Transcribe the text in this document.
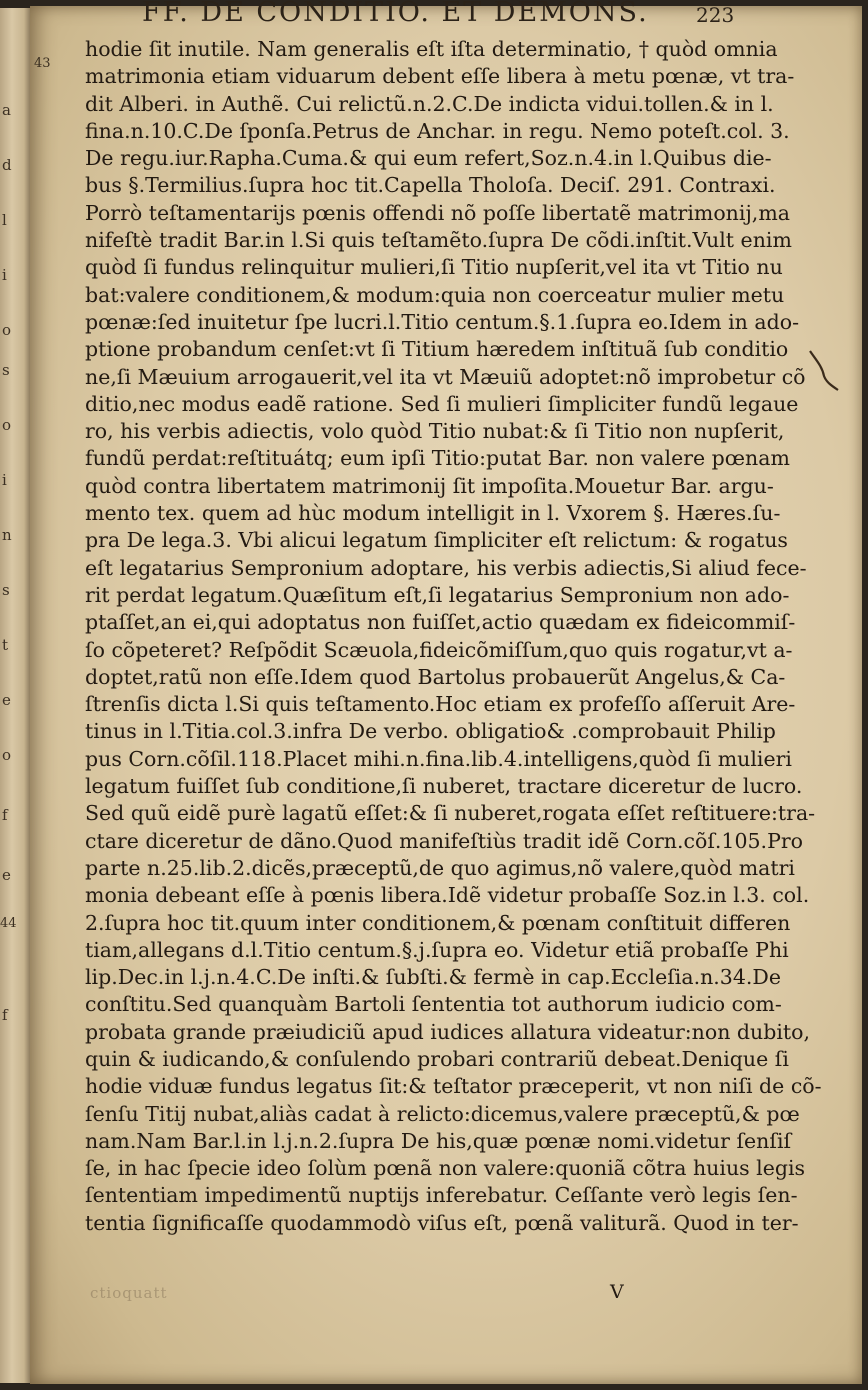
a
d
l
i
o
s
o
i
n
s
t
e
o
f
e
f
FF. DE CONDITIO. ET DEMONS. 223
43
44
hodie ſit inutile. Nam generalis eſt iſta determinatio, † quòd omnia
matrimonia etiam viduarum debent eſſe libera à metu pœnæ, vt tra-
dit Alberi. in Authẽ. Cui relictũ.n.2.C.De indicta vidui.tollen.& in l.
fina.n.10.C.De ſponſa.Petrus de Anchar. in regu. Nemo poteſt.col. 3.
De regu.iur.Rapha.Cuma.& qui eum refert,Soz.n.4.in l.Quibus die-
bus §.Termilius.ſupra hoc tit.Capella Tholoſa. Deciſ. 291. Contraxi.
Porrò teſtamentarijs pœnis offendi nõ poſſe libertatẽ matrimonij,ma
nifeſtè tradit Bar.in l.Si quis teſtamẽto.ſupra De cõdi.inſtit.Vult enim
quòd ſi fundus relinquitur mulieri,ſi Titio nupſerit,vel ita vt Titio nu
bat:valere conditionem,& modum:quia non coerceatur mulier metu
pœnæ:ſed inuitetur ſpe lucri.l.Titio centum.§.1.ſupra eo.Idem in ado-
ptione probandum cenſet:vt ſi Titium hæredem inſtituã ſub conditio
ne,ſi Mæuium arrogauerit,vel ita vt Mæuiũ adoptet:nõ improbetur cõ
ditio,nec modus eadẽ ratione. Sed ſi mulieri ſimpliciter fundũ legaue
ro, his verbis adiectis, volo quòd Titio nubat:& ſi Titio non nupſerit,
fundũ perdat:reſtituátq; eum ipſi Titio:putat Bar. non valere pœnam
quòd contra libertatem matrimonij ſit impoſita.Mouetur Bar. argu-
mento tex. quem ad hùc modum intelligit in l. Vxorem §. Hæres.ſu-
pra De lega.3. Vbi alicui legatum ſimpliciter eſt relictum: & rogatus
eſt legatarius Sempronium adoptare, his verbis adiectis,Si aliud fece-
rit perdat legatum.Quæſitum eſt,ſi legatarius Sempronium non ado-
ptaſſet,an ei,qui adoptatus non fuiſſet,actio quædam ex fideicommiſ-
ſo cõpeteret? Reſpõdit Scæuola,fideicõmiſſum,quo quis rogatur,vt a-
doptet,ratũ non eſſe.Idem quod Bartolus probauerũt Angelus,& Ca-
ſtrenſis dicta l.Si quis teſtamento.Hoc etiam ex profeſſo aſſeruit Are-
tinus in l.Titia.col.3.infra De verbo. obligatio& .comprobauit Philip
pus Corn.cõſil.118.Placet mihi.n.fina.lib.4.intelligens,quòd ſi mulieri
legatum fuiſſet ſub conditione,ſi nuberet, tractare diceretur de lucro.
Sed quũ eidẽ purè lagatũ eſſet:& ſi nuberet,rogata eſſet reſtituere:tra-
ctare diceretur de dãno.Quod manifeſtiùs tradit idẽ Corn.cõſ.105.Pro
parte n.25.lib.2.dicẽs,præceptũ,de quo agimus,nõ valere,quòd matri
monia debeant eſſe à pœnis libera.Idẽ videtur probaſſe Soz.in l.3. col.
2.ſupra hoc tit.quum inter conditionem,& pœnam conſtituit differen
tiam,allegans d.l.Titio centum.§.j.ſupra eo. Videtur etiã probaſſe Phi
lip.Dec.in l.j.n.4.C.De inſti.& ſubſti.& fermè in cap.Eccleſia.n.34.De
conſtitu.Sed quanquàm Bartoli ſententia tot authorum iudicio com-
probata grande præiudiciũ apud iudices allatura videatur:non dubito,
quin & iudicando,& conſulendo probari contrariũ debeat.Denique ſi
hodie viduæ fundus legatus ſit:& teſtator præceperit, vt non niſi de cõ-
ſenſu Titij nubat,aliàs cadat à relicto:dicemus,valere præceptũ,& pœ
nam.Nam Bar.l.in l.j.n.2.ſupra De his,quæ pœnæ nomi.videtur ſenſiſ
ſe, in hac ſpecie ideo ſolùm pœnã non valere:quoniã cõtra huius legis
ſententiam impedimentũ nuptijs inferebatur. Ceſſante verò legis ſen-
tentia ſignificaſſe quodammodò viſus eſt, pœnã valiturã. Quod in ter-
ctioquatt	V
